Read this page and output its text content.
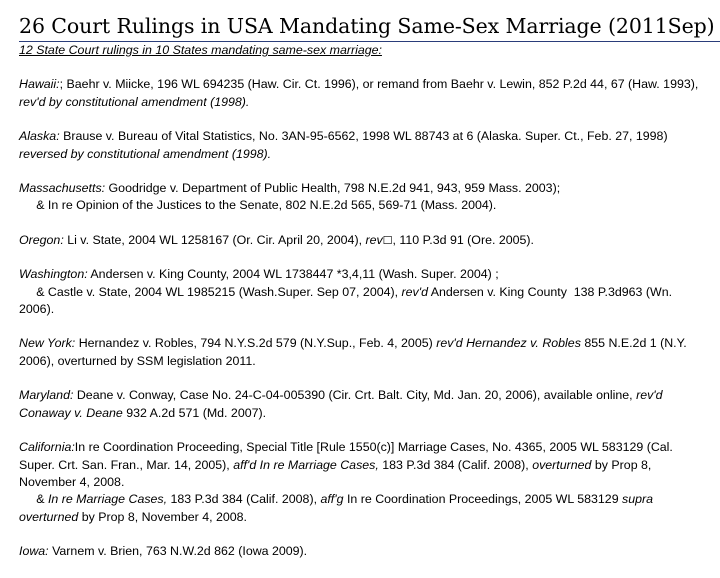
26 Court Rulings in USA Mandating Same-Sex Marriage (2011Sep)
12 State Court rulings in 10 States mandating same-sex marriage:

Hawaii:; Baehr v. Miicke, 196 WL 694235 (Haw. Cir. Ct. 1996), or remand from Baehr v. Lewin, 852 P.2d 44, 67 (Haw. 1993), rev'd by constitutional amendment (1998).

Alaska: Brause v. Bureau of Vital Statistics, No. 3AN-95-6562, 1998 WL 88743 at 6 (Alaska. Super. Ct., Feb. 27, 1998) reversed by constitutional amendment (1998).

Massachusetts: Goodridge v. Department of Public Health, 798 N.E.2d 941, 943, 959 Mass. 2003);

& In re Opinion of the Justices to the Senate, 802 N.E.2d 565, 569-71 (Mass. 2004).

Oregon: Li v. State, 2004 WL 1258167 (Or. Cir. April 20, 2004), rev☐, 110 P.3d 91 (Ore. 2005).

Washington: Andersen v. King County, 2004 WL 1738447 *3,4,11 (Wash. Super. 2004) ;

& Castle v. State, 2004 WL 1985215 (Wash.Super. Sep 07, 2004), rev'd Andersen v. King County  138 P.3d963 (Wn. 2006).

New York: Hernandez v. Robles, 794 N.Y.S.2d 579 (N.Y.Sup., Feb. 4, 2005) rev'd Hernandez v. Robles 855 N.E.2d 1 (N.Y. 2006), overturned by SSM legislation 2011.

Maryland: Deane v. Conway, Case No. 24-C-04-005390 (Cir. Crt. Balt. City, Md. Jan. 20, 2006), available online, rev'd Conaway v. Deane 932 A.2d 571 (Md. 2007).

California:In re Coordination Proceeding, Special Title [Rule 1550(c)] Marriage Cases, No. 4365, 2005 WL 583129 (Cal. Super. Crt. San. Fran., Mar. 14, 2005), aff'd In re Marriage Cases, 183 P.3d 384 (Calif. 2008), overturned by Prop 8, November 4, 2008.

& In re Marriage Cases, 183 P.3d 384 (Calif. 2008), aff'g In re Coordination Proceedings, 2005 WL 583129 supra overturned by Prop 8, November 4, 2008.

Iowa: Varnem v. Brien, 763 N.W.2d 862 (Iowa 2009).
